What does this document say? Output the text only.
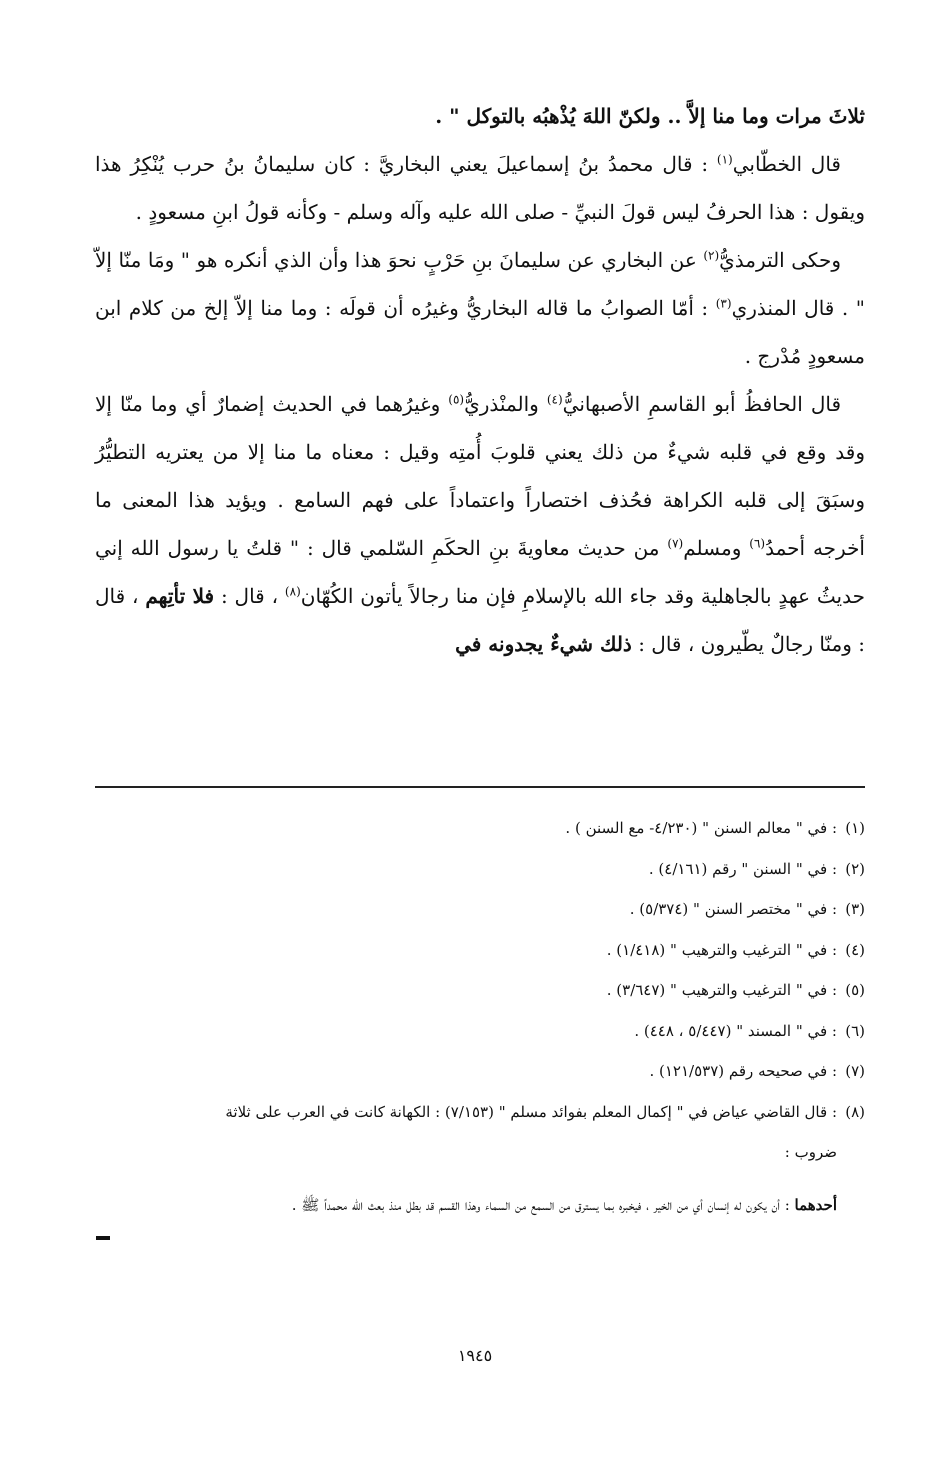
ثلاثَ مرات وما منا إلاَّ .. ولكنّ اللهَ يُذْهبُه بالتوكل " .

قال الخطّابي$^{(١)}$ : قال محمدُ بنُ إسماعيلَ يعني البخاريَّ : كان سليمانُ بنُ حرب يُنْكِرُ هذا ويقول : هذا الحرفُ ليس قولَ النبيِّ - صلى الله عليه وآله وسلم - وكأنه قولُ ابنِ مسعودٍ .

وحكى الترمذيُّ$^{(٢)}$ عن البخاري عن سليمانَ بنِ حَرْبٍ نحوَ هذا وأن الذي أنكره هو " ومَا منّا إلاّ " . قال المنذري$^{(٣)}$ : أمّا الصوابُ ما قاله البخاريُّ وغيرُه أن قولَه : وما منا إلاّ إلخ من كلام ابن مسعودٍ مُدْرج .

قال الحافظُ أبو القاسمِ الأصبهانيُّ$^{(٤)}$ والمنْذريُّ$^{(٥)}$ وغيرُهما في الحديث إضمارٌ أي وما منّا إلا وقد وقع في قلبه شيءٌ من ذلك يعني قلوبَ أُمتِه وقيل : معناه ما منا إلا من يعتريه التطيُّرُ وسبَقَ إلى قلبه الكراهة فحُذف اختصاراً واعتماداً على فهم السامع . ويؤيد هذا المعنى ما أخرجه أحمدُ$^{(٦)}$ ومسلم$^{(٧)}$ من حديث معاويةَ بنِ الحكَمِ السّلمي قال : " قلتُ يا رسول الله إني حديثُ عهدٍ بالجاهلية وقد جاء الله بالإسلامِ فإن منا رجالاً يأتون الكُهّان$^{(٨)}$ ، قال : فلا تأتِهم ، قال : ومنّا رجالٌ يطّيرون ، قال : ذلك شيءٌ يجدونه في

(١): في " معالم السنن " (٤/٢٣٠- مع السنن ) .

(٢): في " السنن " رقم (٤/١٦١) .

(٣): في " مختصر السنن " (٥/٣٧٤) .

(٤): في " الترغيب والترهيب " (١/٤١٨) .

(٥): في " الترغيب والترهيب " (٣/٦٤٧) .

(٦): في " المسند " (٥/٤٤٧ ، ٤٤٨) .

(٧): في صحيحه رقم (١٢١/٥٣٧) .

(٨): قال القاضي عياض في " إكمال المعلم بفوائد مسلم " (٧/١٥٣) : الكهانة كانت في العرب على ثلاثة

ضروب :

أحدهما : أن يكون له إنسان أي من الخير ، فيخبره بما يسترق من السمع من السماء وهذا القسم قد بطل منذ بعث الله محمداً ﷺ .

١٩٤٥
